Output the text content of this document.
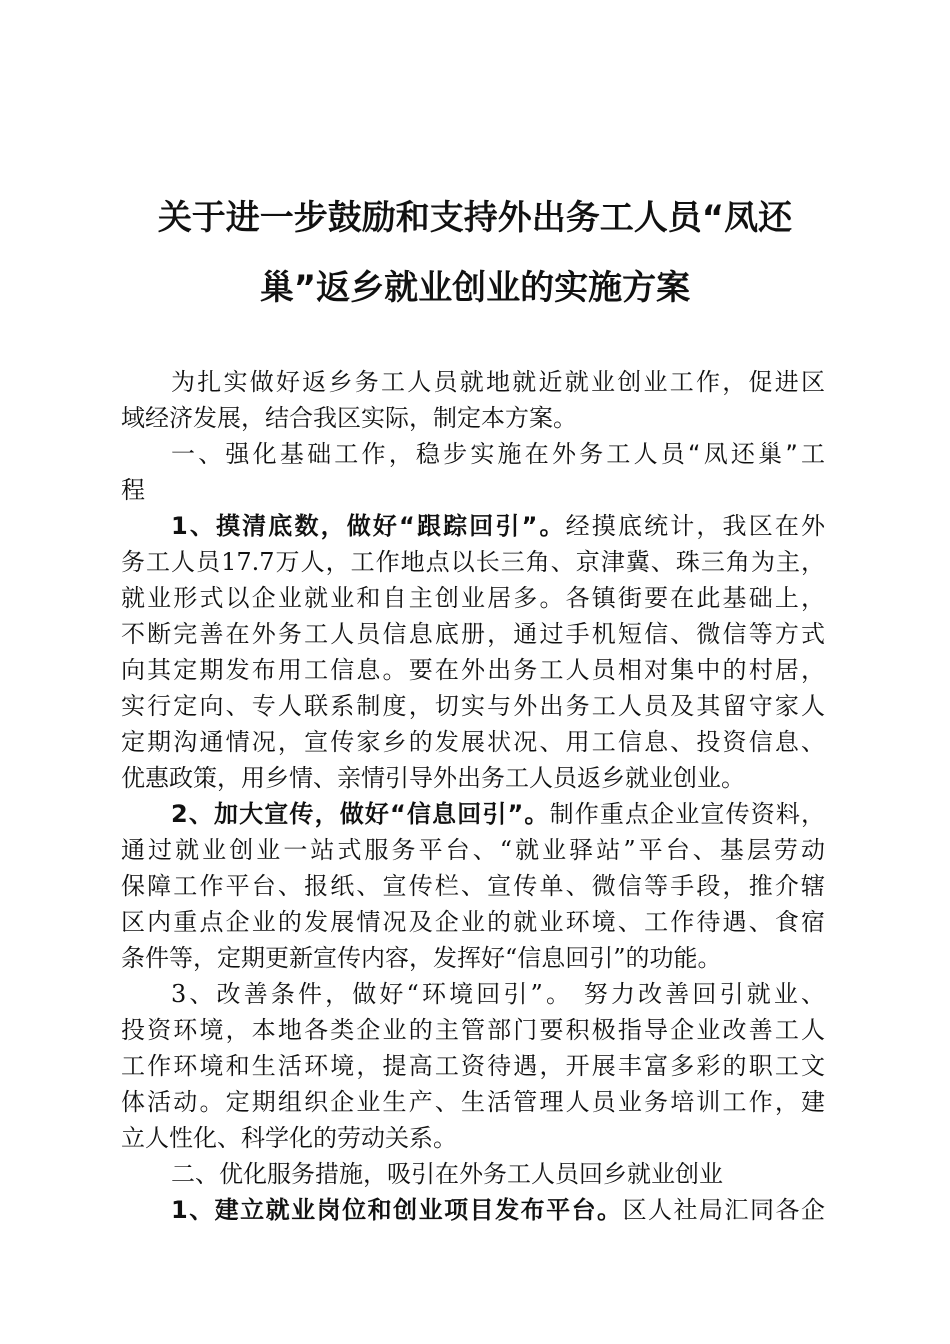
关于进一步鼓励和支持外出务工人员“凤还
巢”返乡就业创业的实施方案
为扎实做好返乡务工人员就地就近就业创业工作，促进区
域经济发展，结合我区实际，制定本方案。
一、强化基础工作，稳步实施在外务工人员“凤还巢”工
程
1、摸清底数，做好“跟踪回引”。经摸底统计，我区在外
务工人员17.7万人，工作地点以长三角、京津冀、珠三角为主，
就业形式以企业就业和自主创业居多。各镇街要在此基础上，
不断完善在外务工人员信息底册，通过手机短信、微信等方式
向其定期发布用工信息。要在外出务工人员相对集中的村居，
实行定向、专人联系制度，切实与外出务工人员及其留守家人
定期沟通情况，宣传家乡的发展状况、用工信息、投资信息、
优惠政策，用乡情、亲情引导外出务工人员返乡就业创业。
2、加大宣传，做好“信息回引”。制作重点企业宣传资料，
通过就业创业一站式服务平台、“就业驿站”平台、基层劳动
保障工作平台、报纸、宣传栏、宣传单、微信等手段，推介辖
区内重点企业的发展情况及企业的就业环境、工作待遇、食宿
条件等，定期更新宣传内容，发挥好“信息回引”的功能。
3、改善条件，做好“环境回引”。 努力改善回引就业、
投资环境，本地各类企业的主管部门要积极指导企业改善工人
工作环境和生活环境，提高工资待遇，开展丰富多彩的职工文
体活动。定期组织企业生产、生活管理人员业务培训工作，建
立人性化、科学化的劳动关系。
二、优化服务措施，吸引在外务工人员回乡就业创业
1、建立就业岗位和创业项目发布平台。区人社局汇同各企
